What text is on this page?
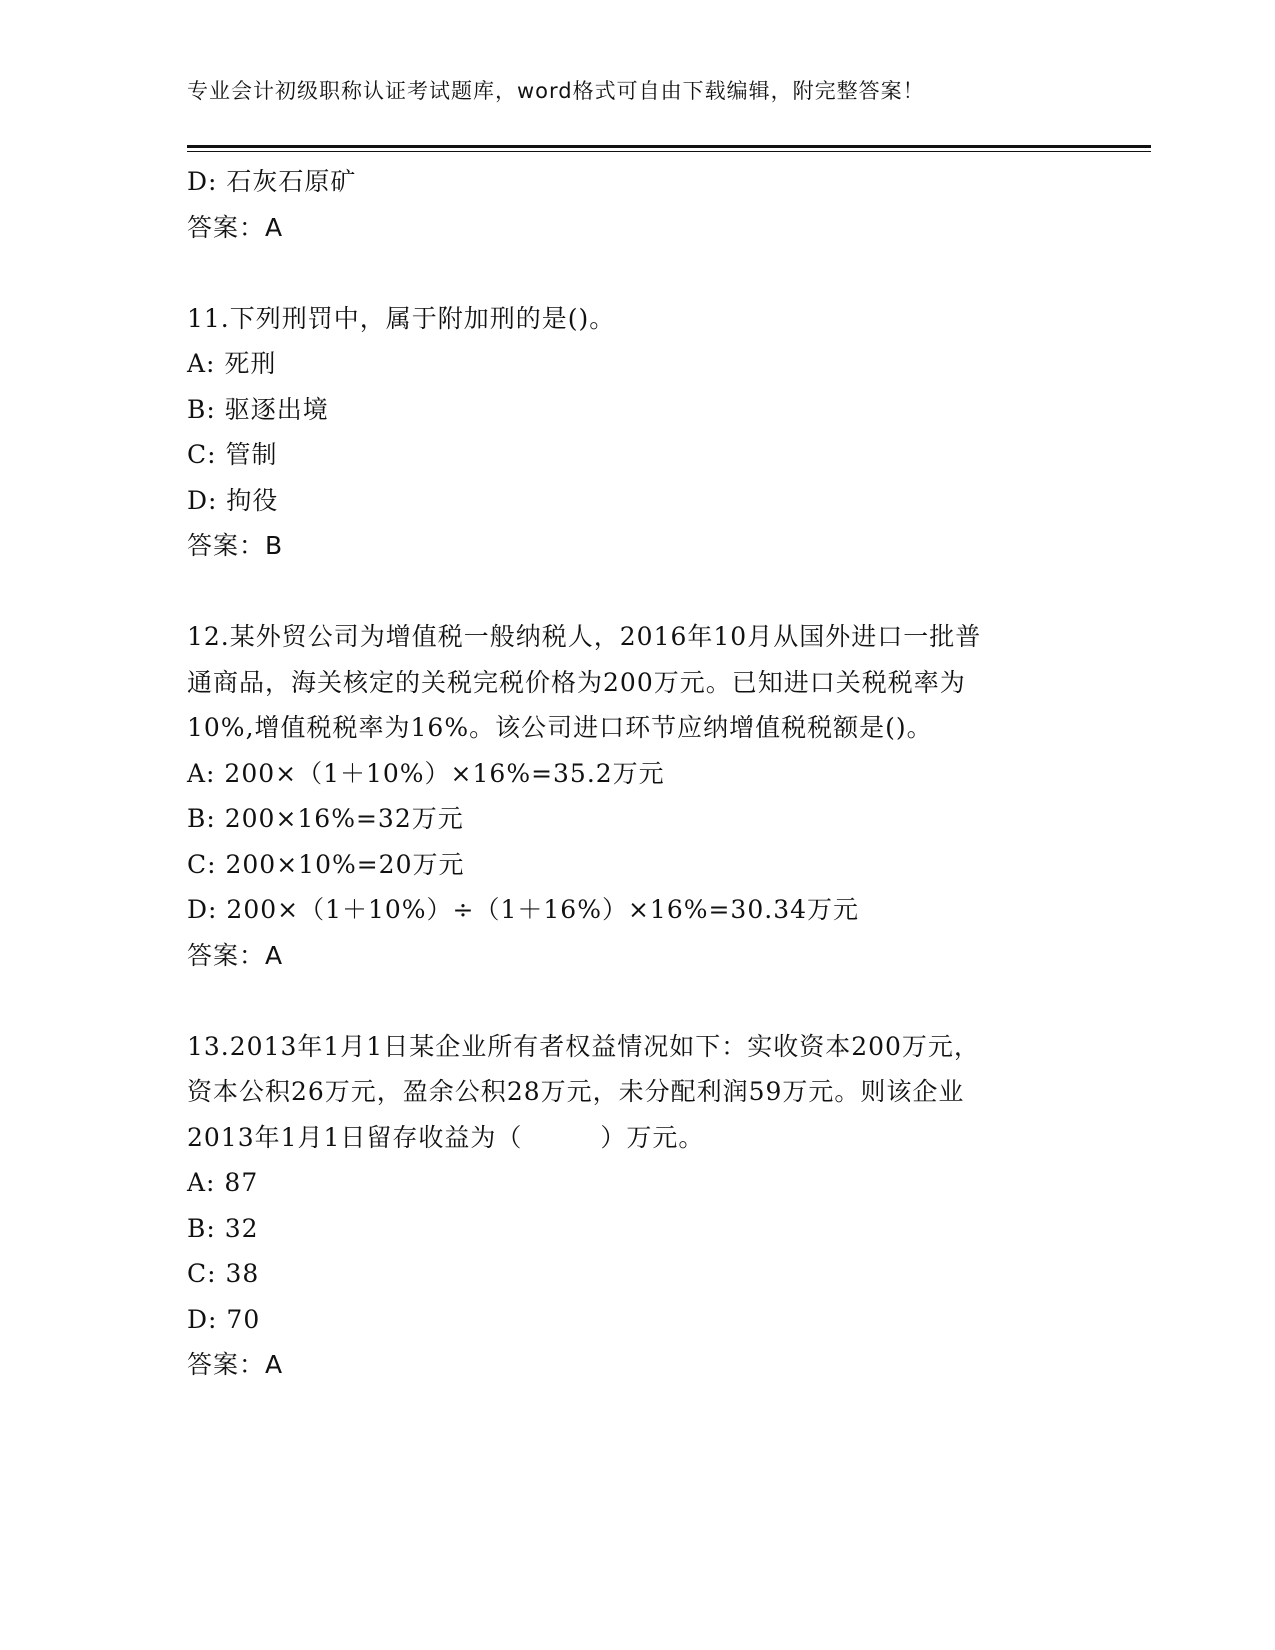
专业会计初级职称认证考试题库，word格式可自由下载编辑，附完整答案！
D: 石灰石原矿
答案：A
11.下列刑罚中，属于附加刑的是()。
A: 死刑
B: 驱逐出境
C: 管制
D: 拘役
答案：B
12.某外贸公司为增值税一般纳税人，2016年10月从国外进口一批普
通商品，海关核定的关税完税价格为200万元。已知进口关税税率为
10%,增值税税率为16%。该公司进口环节应纳增值税税额是()。
A: 200×（1＋10%）×16%=35.2万元
B: 200×16%=32万元
C: 200×10%=20万元
D: 200×（1＋10%）÷（1＋16%）×16%=30.34万元
答案：A
13.2013年1月1日某企业所有者权益情况如下：实收资本200万元，
资本公积26万元，盈余公积28万元，未分配利润59万元。则该企业
2013年1月1日留存收益为（　　　）万元。
A: 87
B: 32
C: 38
D: 70
答案：A
